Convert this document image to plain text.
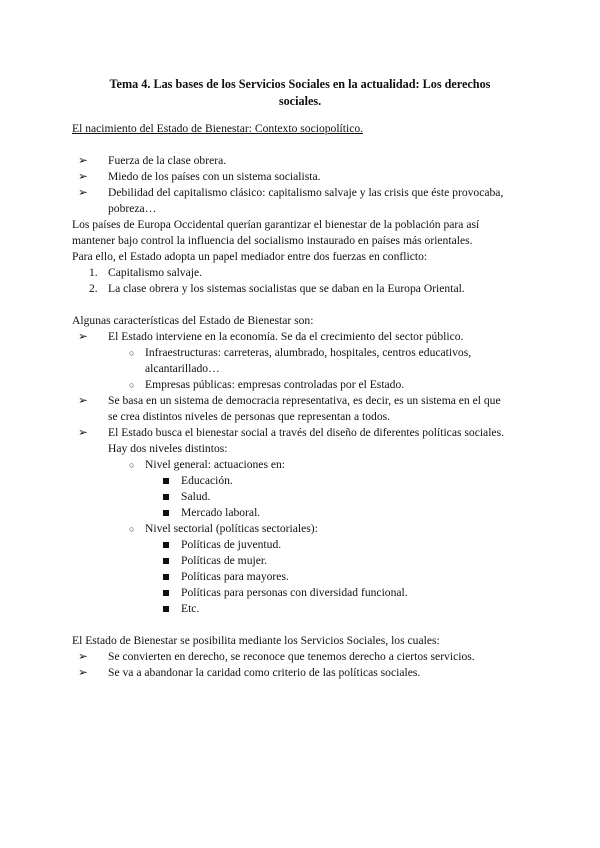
Tema 4. Las bases de los Servicios Sociales en la actualidad: Los derechos
sociales.
El nacimiento del Estado de Bienestar: Contexto sociopolítico.
➢ Fuerza de la clase obrera.
➢ Miedo de los países con un sistema socialista.
➢ Debilidad del capitalismo clásico: capitalismo salvaje y las crisis que éste provocaba,
pobreza…
Los países de Europa Occidental querían garantizar el bienestar de la población para así
mantener bajo control la influencia del socialismo instaurado en países más orientales.
Para ello, el Estado adopta un papel mediador entre dos fuerzas en conflicto:
1. Capitalismo salvaje.
2. La clase obrera y los sistemas socialistas que se daban en la Europa Oriental.
Algunas características del Estado de Bienestar son:
➢ El Estado interviene en la economía. Se da el crecimiento del sector público.
○ Infraestructuras: carreteras, alumbrado, hospitales, centros educativos,
alcantarillado…
○ Empresas públicas: empresas controladas por el Estado.
➢ Se basa en un sistema de democracia representativa, es decir, es un sistema en el que
se crea distintos niveles de personas que representan a todos.
➢ El Estado busca el bienestar social a través del diseño de diferentes políticas sociales.
Hay dos niveles distintos:
○ Nivel general: actuaciones en:
Educación.
Salud.
Mercado laboral.
○ Nivel sectorial (políticas sectoriales):
Políticas de juventud.
Políticas de mujer.
Políticas para mayores.
Políticas para personas con diversidad funcional.
Etc.
El Estado de Bienestar se posibilita mediante los Servicios Sociales, los cuales:
➢ Se convierten en derecho, se reconoce que tenemos derecho a ciertos servicios.
➢ Se va a abandonar la caridad como criterio de las políticas sociales.
